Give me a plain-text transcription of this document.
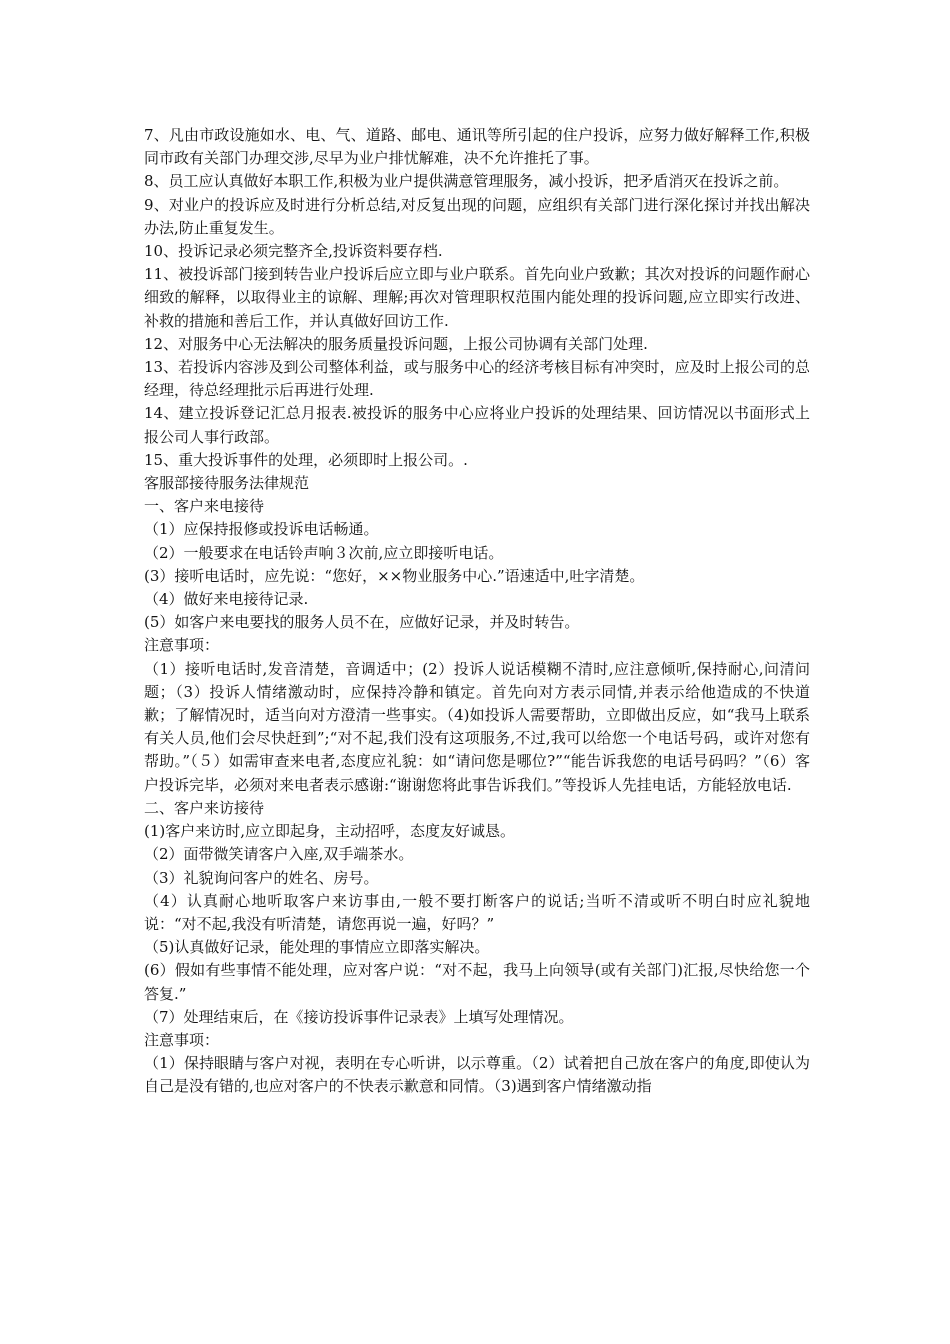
7、凡由市政设施如水、电、气、道路、邮电、通讯等所引起的住户投诉，应努力做好解释工作,积极同市政有关部门办理交涉,尽早为业户排忧解难，决不允许推托了事。

8、员工应认真做好本职工作,积极为业户提供满意管理服务，减小投诉，把矛盾消灭在投诉之前。

9、对业户的投诉应及时进行分析总结,对反复出现的问题，应组织有关部门进行深化探讨并找出解决办法,防止重复发生。

10、投诉记录必须完整齐全,投诉资料要存档.

11、被投诉部门接到转告业户投诉后应立即与业户联系。首先向业户致歉；其次对投诉的问题作耐心细致的解释，以取得业主的谅解、理解;再次对管理职权范围内能处理的投诉问题,应立即实行改进、补救的措施和善后工作，并认真做好回访工作.

12、对服务中心无法解决的服务质量投诉问题，上报公司协调有关部门处理.

13、若投诉内容涉及到公司整体利益，或与服务中心的经济考核目标有冲突时，应及时上报公司的总经理，待总经理批示后再进行处理.

14、建立投诉登记汇总月报表.被投诉的服务中心应将业户投诉的处理结果、回访情况以书面形式上报公司人事行政部。

15、重大投诉事件的处理，必须即时上报公司。.

客服部接待服务法律规范

一、客户来电接待

（1）应保持报修或投诉电话畅通。

（2）一般要求在电话铃声响３次前,应立即接听电话。

(3）接听电话时，应先说：“您好，××物业服务中心.”语速适中,吐字清楚。

（4）做好来电接待记录.

(5）如客户来电要找的服务人员不在，应做好记录，并及时转告。

注意事项：

（1）接听电话时,发音清楚，音调适中；(2）投诉人说话模糊不清时,应注意倾听,保持耐心,问清问题；（3）投诉人情绪激动时，应保持冷静和镇定。首先向对方表示同情,并表示给他造成的不快道歉；了解情况时，适当向对方澄清一些事实。（4)如投诉人需要帮助，立即做出反应，如“我马上联系有关人员,他们会尽快赶到”;“对不起,我们没有这项服务,不过,我可以给您一个电话号码，或许对您有帮助。”（５）如需审查来电者,态度应礼貌：如“请问您是哪位?”“能告诉我您的电话号码吗？”（6）客户投诉完毕，必须对来电者表示感谢:“谢谢您将此事告诉我们。”等投诉人先挂电话，方能轻放电话.

二、客户来访接待

(1)客户来访时,应立即起身，主动招呼，态度友好诚恳。

（2）面带微笑请客户入座,双手端茶水。

（3）礼貌询问客户的姓名、房号。

（4）认真耐心地听取客户来访事由,一般不要打断客户的说话;当听不清或听不明白时应礼貌地说：“对不起,我没有听清楚，请您再说一遍，好吗？”

（5)认真做好记录，能处理的事情应立即落实解决。

(6）假如有些事情不能处理，应对客户说：“对不起，我马上向领导(或有关部门)汇报,尽快给您一个答复.”

（7）处理结束后，在《接访投诉事件记录表》上填写处理情况。

注意事项：

（1）保持眼睛与客户对视，表明在专心听讲，以示尊重。（2）试着把自己放在客户的角度,即使认为自己是没有错的,也应对客户的不快表示歉意和同情。（3)遇到客户情绪激动指
